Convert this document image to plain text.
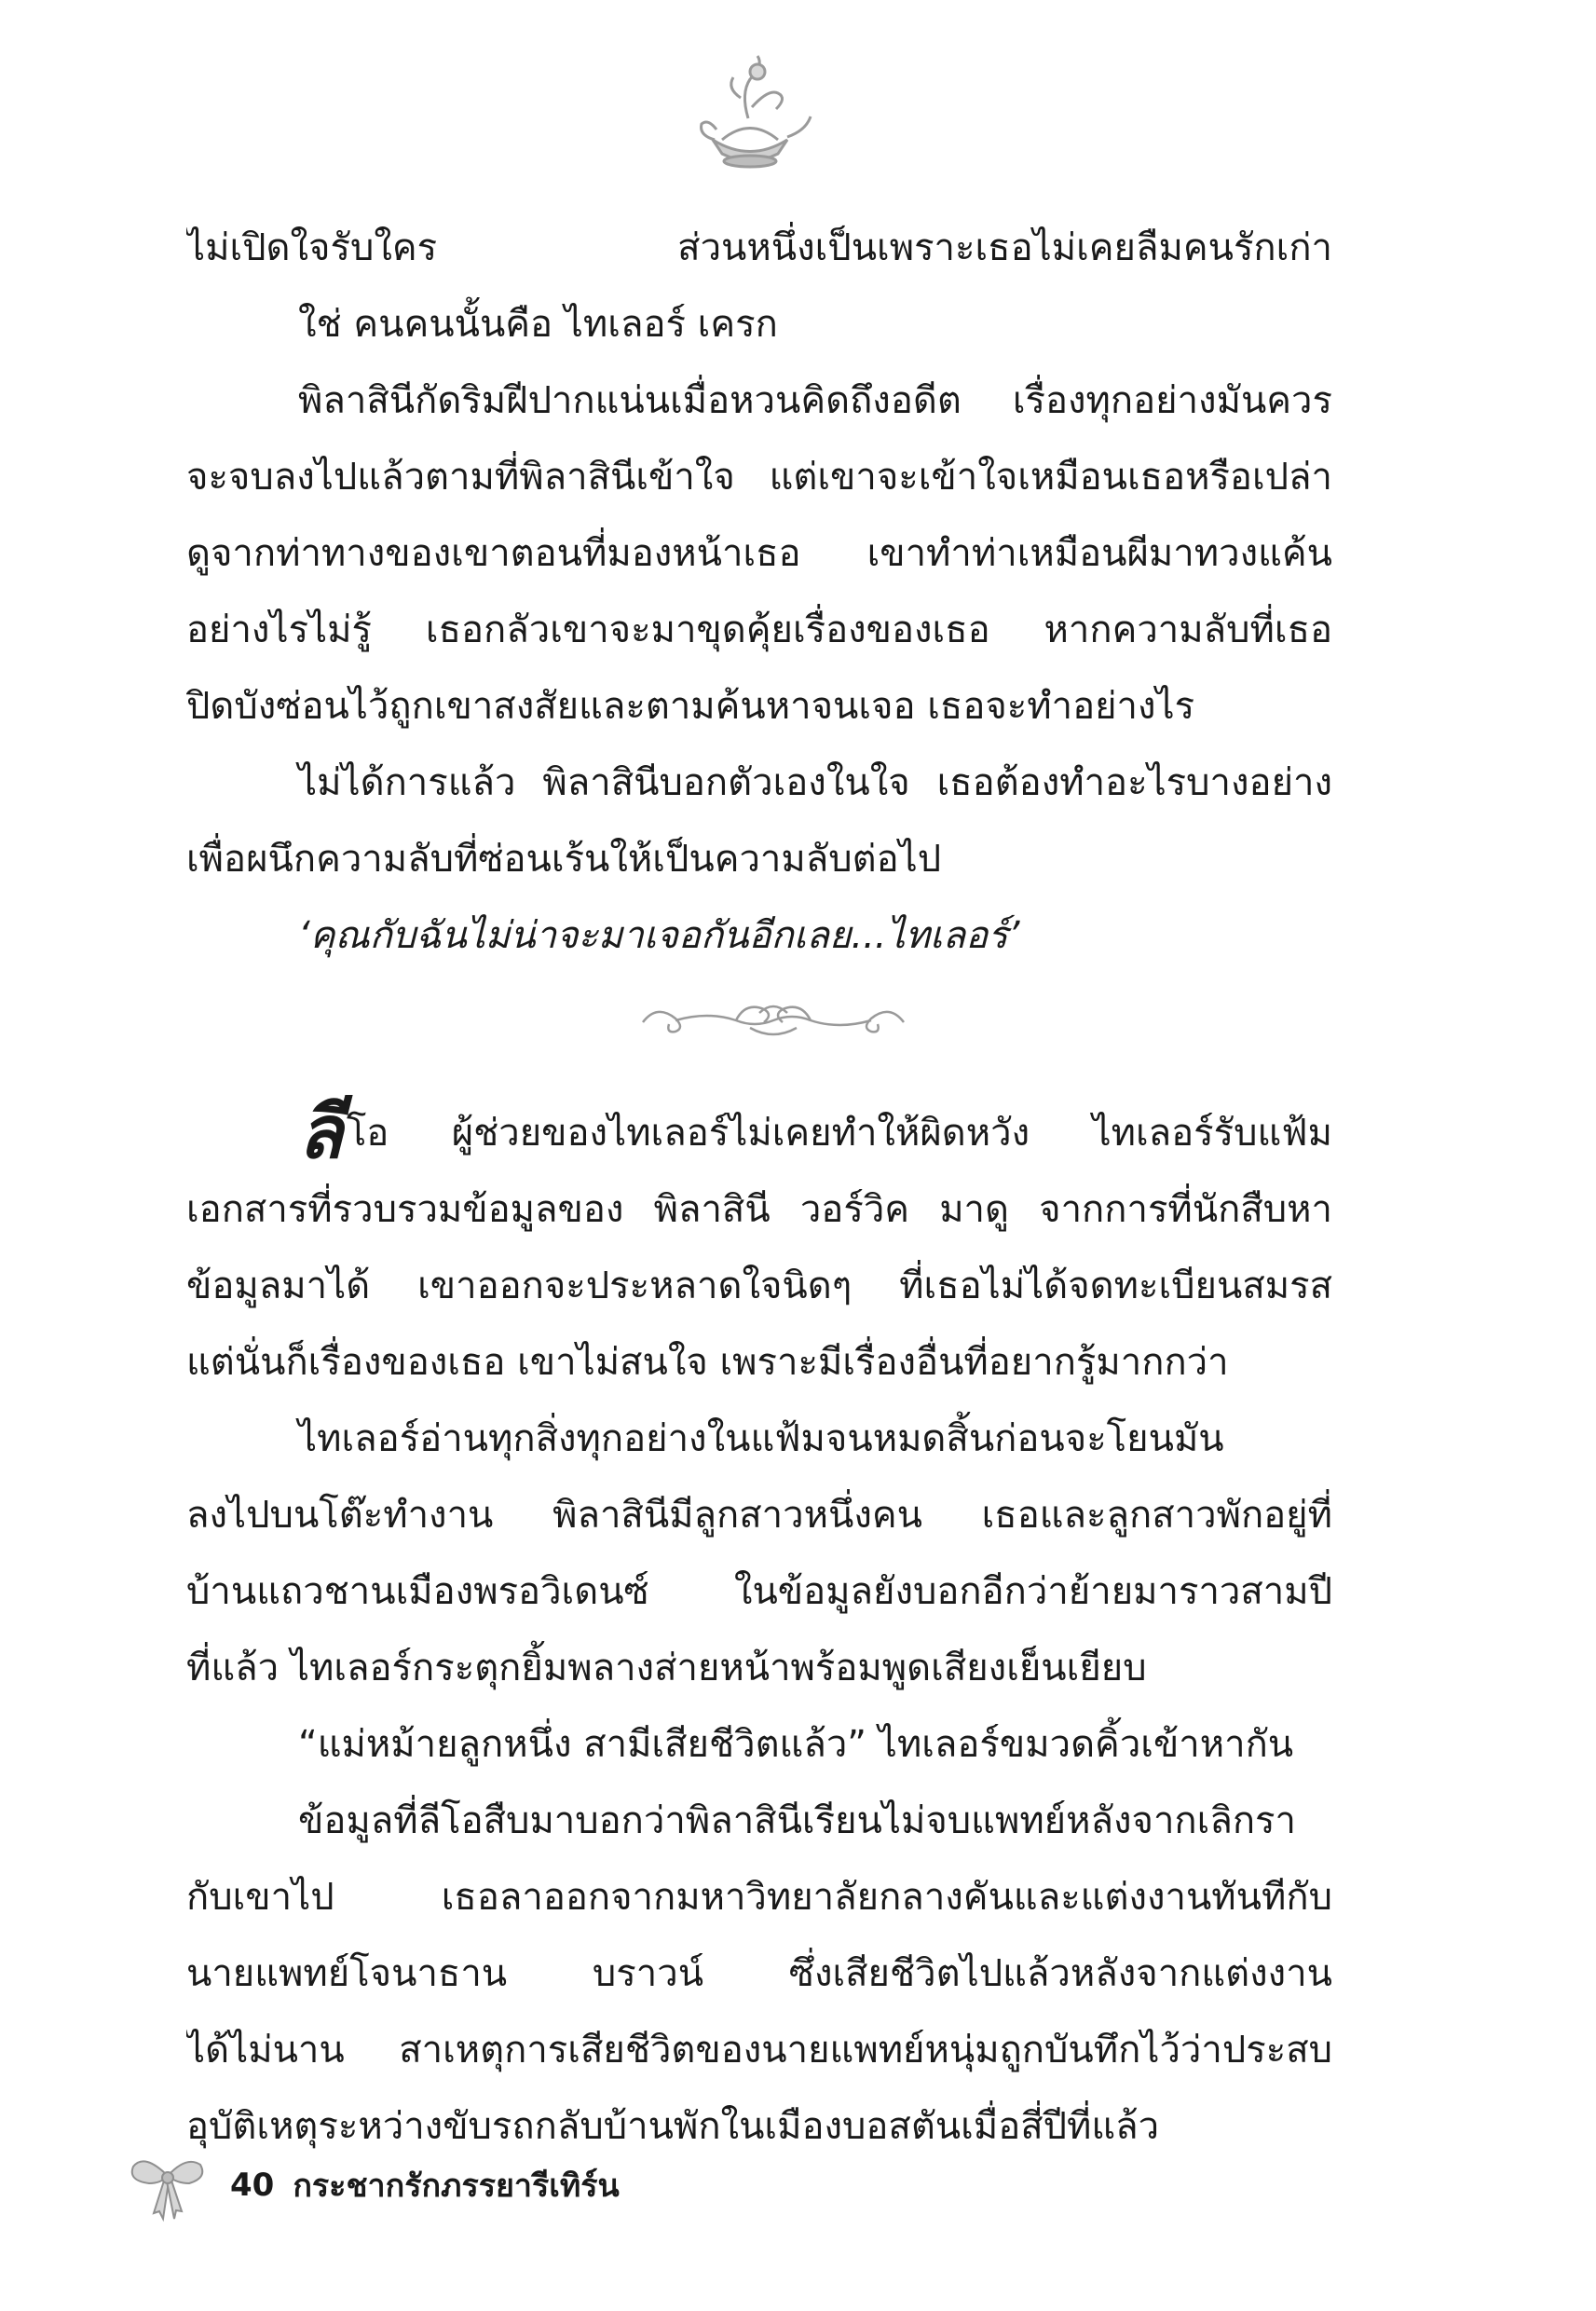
ไม่เปิดใจรับใคร ส่วนหนึ่งเป็นเพราะเธอไม่เคยลืมคนรักเก่า
ใช่ คนคนนั้นคือ ไทเลอร์ เครก
พิลาสินีกัดริมฝีปากแน่นเมื่อหวนคิดถึงอดีต เรื่องทุกอย่างมันควร
จะจบลงไปแล้วตามที่พิลาสินีเข้าใจ แต่เขาจะเข้าใจเหมือนเธอหรือเปล่า
ดูจากท่าทางของเขาตอนที่มองหน้าเธอ เขาทำท่าเหมือนผีมาทวงแค้น
อย่างไรไม่รู้ เธอกลัวเขาจะมาขุดคุ้ยเรื่องของเธอ หากความลับที่เธอ
ปิดบังซ่อนไว้ถูกเขาสงสัยและตามค้นหาจนเจอ เธอจะทำอย่างไร
ไม่ได้การแล้ว พิลาสินีบอกตัวเองในใจ เธอต้องทำอะไรบางอย่าง
เพื่อผนึกความลับที่ซ่อนเร้นให้เป็นความลับต่อไป
‘คุณกับฉันไม่น่าจะมาเจอกันอีกเลย...ไทเลอร์’
ลี โอ ผู้ช่วยของไทเลอร์ไม่เคยทำให้ผิดหวัง ไทเลอร์รับแฟ้ม
เอกสารที่รวบรวมข้อมูลของ พิลาสินี วอร์วิค มาดู จากการที่นักสืบหา
ข้อมูลมาได้ เขาออกจะประหลาดใจนิดๆ ที่เธอไม่ได้จดทะเบียนสมรส
แต่นั่นก็เรื่องของเธอ เขาไม่สนใจ เพราะมีเรื่องอื่นที่อยากรู้มากกว่า
ไทเลอร์อ่านทุกสิ่งทุกอย่างในแฟ้มจนหมดสิ้นก่อนจะโยนมัน
ลงไปบนโต๊ะทำงาน พิลาสินีมีลูกสาวหนึ่งคน เธอและลูกสาวพักอยู่ที่
บ้านแถวชานเมืองพรอวิเดนซ์ ในข้อมูลยังบอกอีกว่าย้ายมาราวสามปี
ที่แล้ว ไทเลอร์กระตุกยิ้มพลางส่ายหน้าพร้อมพูดเสียงเย็นเยียบ
“แม่หม้ายลูกหนึ่ง สามีเสียชีวิตแล้ว” ไทเลอร์ขมวดคิ้วเข้าหากัน
ข้อมูลที่ลีโอสืบมาบอกว่าพิลาสินีเรียนไม่จบแพทย์หลังจากเลิกรา
กับเขาไป เธอลาออกจากมหาวิทยาลัยกลางคันและแต่งงานทันทีกับ
นายแพทย์โจนาธาน บราวน์ ซึ่งเสียชีวิตไปแล้วหลังจากแต่งงาน
ได้ไม่นาน สาเหตุการเสียชีวิตของนายแพทย์หนุ่มถูกบันทึกไว้ว่าประสบ
อุบัติเหตุระหว่างขับรถกลับบ้านพักในเมืองบอสตันเมื่อสี่ปีที่แล้ว
40 กระชากรักภรรยารีเทิร์น
